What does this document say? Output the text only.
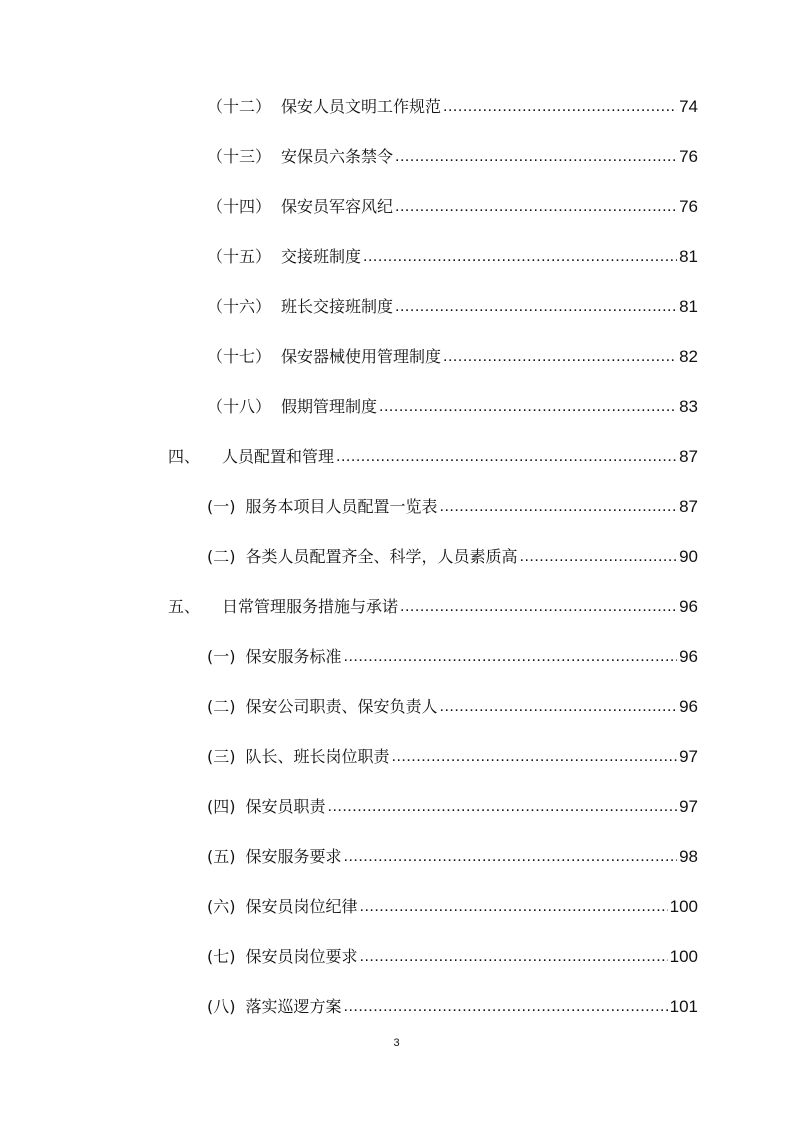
（十二） 保安人员文明工作规范 .....	74
（十三） 安保员六条禁令 .....	76
（十四） 保安员军容风纪 .....	76
（十五） 交接班制度 .....	81
（十六） 班长交接班制度 .....	81
（十七） 保安器械使用管理制度 .....	82
（十八） 假期管理制度 .....	83
四、 人员配置和管理 .....	87
(一) 服务本项目人员配置一览表 .....	87
(二) 各类人员配置齐全、科学，人员素质高 .....	90
五、 日常管理服务措施与承诺 .....	96
(一) 保安服务标准 .....	96
(二) 保安公司职责、保安负责人 .....	96
(三) 队长、班长岗位职责 .....	97
(四) 保安员职责 .....	97
(五) 保安服务要求 .....	98
(六) 保安员岗位纪律 .....	100
(七) 保安员岗位要求 .....	100
(八) 落实巡逻方案 .....	101
3
